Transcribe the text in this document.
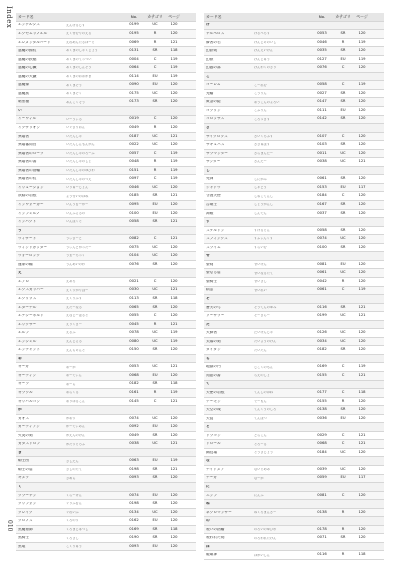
Index
010
カード名	No.	カテゴリ	ページ
エンゲルジス	えんげるじす	0199	UC	120
エクゼムリノエル	えくぜむりのえる	0195	R	120
エレメンタルハート	えれめんたるはーと	0069	R	121
悪魔の錫杖	あくまのしゃくじょう	0131	SR	118
悪魔の鉄槌	あくまのてっつい	0004	C	119
悪魔の心臓	あくまのしんぞう	0064	C	119
悪魔の大鎌	あくまのおおがま	0114	EU	119
悪魔像	あくまぞう	0090	EU	120
悪魔族	あくまぞく	0175	UC	120
暗黒槍	あんこくそう	0173	SR	120
い
イーヴィル	いーゔぃる	0019	C	120
イグザリオン	いぐざりおん	0049	R	120
異端者	いたんしゃ	0187	UC	121
異端審問官	いたんしんもんかん	0022	UC	120
異端者のローブ	いたんしゃのろーぶ	0057	C	119
異端者の書	いたんしゃのしょ	0048	R	119
異端者の指輪	いたんしゃのゆびわ	0151	R	119
異端者の杖	いたんしゃのつえ	0097	C	119
イリュージョン	いりゅーじょん	0046	UC	120
妖精の羽根	ようせいのはね	0185	SR	121
インヴォーカー	いんゔぉーかー	0095	EU	120
インフェルノ	いんふぇるの	0100	EU	120
インパクト	いんぱくと	0058	SR	121
う
ウィザード	うぃざーど	0082	C	121
ウィンドカッター	うぃんどかったー	0075	UC	120
ウォーロック	うぉーろっく	0104	UC	120
運命の輪	うんめいのわ	0076	SR	120
え
エアロ	えあろ	0021	C	120
エクスカリバー	えくすかりばー	0030	UC	121
エクリプス	えくりぷす	0113	SR	118
エターナル	えたーなる	0065	SR	120
エナジーボルト	えなじーぼると	0055	C	120
エリクサー	えりくさー	0045	R	121
エルフ	えるふ	0078	UC	119
エンジェル	えんじぇる	0080	UC	119
エンチャント	えんちゃんと	0150	SR	120
お
オーガ	おーが	0053	UC	121
オーディン	おーでぃん	0068	EU	120
オーラ	おーら	0182	SR	118
オラクル	おらくる	0161	R	119
オリハルコン	おりはるこん	0145	C	121
か
カオス	かおす	0074	UC	120
ガーディアン	がーでぃあん	0092	EU	120
火炎の剣	かえんのけん	0049	SR	120
カタストロフ	かたすとろふ	0038	UC	121
き
騎士団	きしだん	0063	EU	119
騎士の盾	きしのたて	0198	SR	121
キメラ	きめら	0093	SR	120
く
クラーケン	くらーけん	0074	EU	120
グリフォン	ぐりふぉん	0198	SR	120
グレイブ	ぐれいぶ	0134	UC	120
クロノス	くろのす	0162	EU	120
黒魔術師	くろまじゅつし	0169	SR	118
黒騎士	くろきし	0190	SR	120
黒竜	こくりゅう	0093	EU	120
カード名	No.	カテゴリ	ページ
け
ケルベロス	けるべろす	0053	SR	120
賢者の石	けんじゃのいし	0046	R	119
幻影剣	げんえいけん	0035	SR	120
幻獣	げんじゅう	0127	EU	119
幻惑の霧	げんわくのきり	0076	C	120
こ
ゴーレム	ごーれむ	0058	C	119
光輪	こうりん	0027	SR	120
黄金の鎧	おうごんのよろい	0147	SR	120
ゴブリン	ごぶりん	0111	EU	120
コロッサス	ころっさす	0142	SR	120
さ
サイクロプス	さいくろぷす	0107	C	120
サキュバス	さきゅばす	0103	SR	120
サラマンダー	さらまんだー	0011	UC	120
サンダー	さんだー	0038	UC	121
し
死神	しにがみ	0061	SR	120
シャドウ	しゃどう	0153	EU	117
守護天使	しゅごてんし	0184	C	120
召喚士	しょうかんし	0167	SR	120
神殿	しんでん	0037	SR	120
す
スケルトン	すけるとん	0058	SR	120
スフィンクス	すふぃんくす	0074	UC	120
スライム	すらいむ	0100	SR	120
せ
聖剣	せいけん	0081	EU	120
聖なる盾	せいなるたて	0061	UC	120
聖騎士	せいきし	0042	R	120
精霊	せいれい	0061	C	119
そ
蒼天の弓	そうてんのゆみ	0116	SR	121
ソーサラー	そーさらー	0199	UC	121
た
大賢者	だいけんじゃ	0126	UC	120
太陽の剣	たいようのけん	0034	UC	120
タイタン	たいたん	0182	SR	120
ち
地獄の門	じごくのもん	0169	C	119
知恵の書	ちえのしょ	0155	C	121
て
天使の羽根	てんしのはね	0177	C	118
デーモン	でーもん	0155	R	120
天空の城	てんくうのしろ	0138	SR	120
天罰	てんばつ	0036	EU	120
と
ドラゴン	どらごん	0029	C	121
トロール	とろーる	0068	C	121
闘技場	とうぎじょう	0184	UC	120
な
ナイトメア	ないとめあ	0039	UC	120
ナーガ	なーが	0059	EU	117
に
ニンフ	にんふ	0081	C	120
ね
ネクロマンサー	ねくろまんさー	0138	R	120
の
呪いの指輪	のろいのゆびわ	0178	R	120
呪われた剣	のろわれたけん	0071	SR	120
は
破壊神	はかいしん	0116	R	118
